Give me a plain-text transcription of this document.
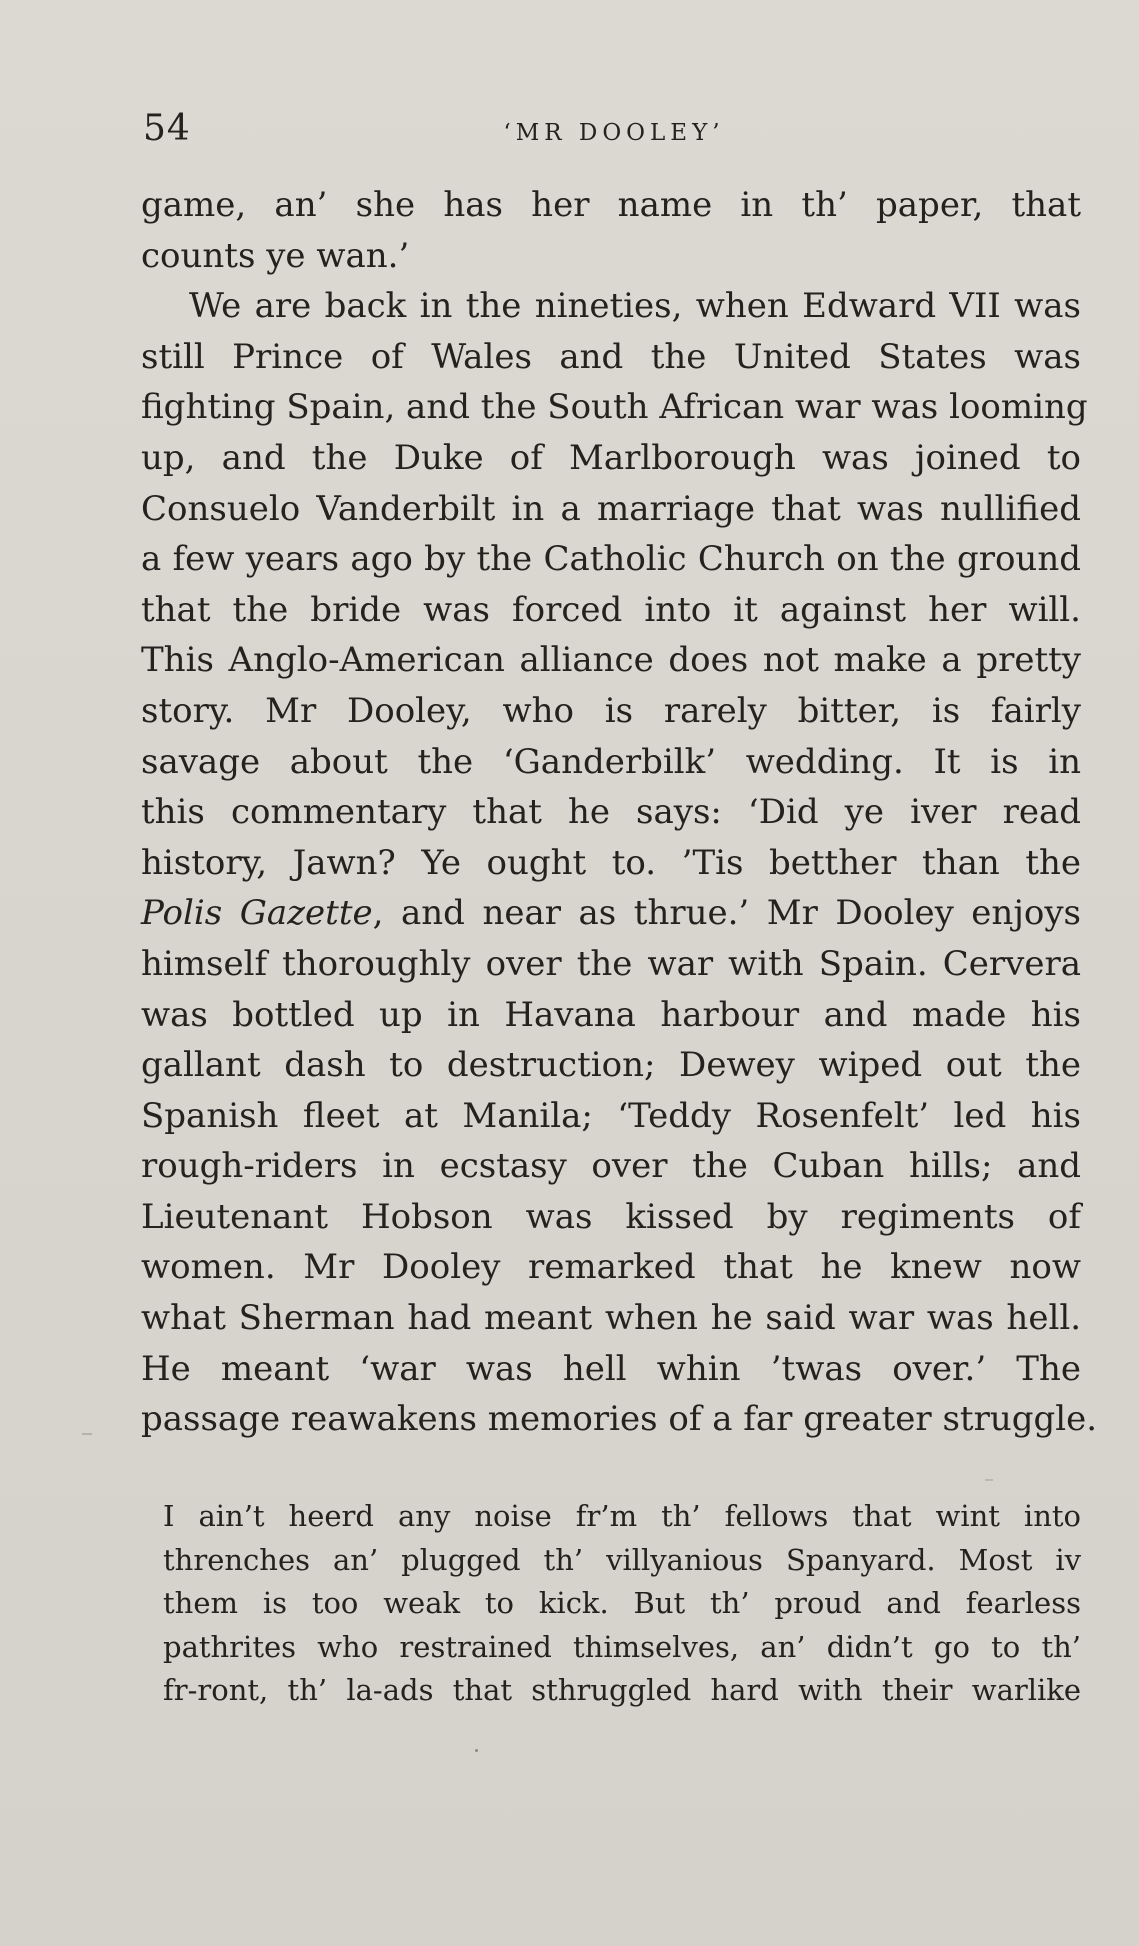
54	‘MR DOOLEY’
game, an’ she has her name in th’ paper, that
counts ye wan.’
We are back in the nineties, when Edward VII was
still Prince of Wales and the United States was
fighting Spain, and the South African war was looming
up, and the Duke of Marlborough was joined to
Consuelo Vanderbilt in a marriage that was nullified
a few years ago by the Catholic Church on the ground
that the bride was forced into it against her will.
This Anglo-American alliance does not make a pretty
story. Mr Dooley, who is rarely bitter, is fairly
savage about the ‘Ganderbilk’ wedding. It is in
this commentary that he says: ‘Did ye iver read
history, Jawn? Ye ought to. ’Tis betther than the
Polis Gazette, and near as thrue.’ Mr Dooley enjoys
himself thoroughly over the war with Spain. Cervera
was bottled up in Havana harbour and made his
gallant dash to destruction; Dewey wiped out the
Spanish fleet at Manila; ‘Teddy Rosenfelt’ led his
rough-riders in ecstasy over the Cuban hills; and
Lieutenant Hobson was kissed by regiments of
women. Mr Dooley remarked that he knew now
what Sherman had meant when he said war was hell.
He meant ‘war was hell whin ’twas over.’ The
passage reawakens memories of a far greater struggle.
I ain’t heerd any noise fr’m th’ fellows that wint into
threnches an’ plugged th’ villyanious Spanyard. Most iv
them is too weak to kick. But th’ proud and fearless
pathrites who restrained thimselves, an’ didn’t go to th’
fr-ront, th’ la-ads that sthruggled hard with their warlike
